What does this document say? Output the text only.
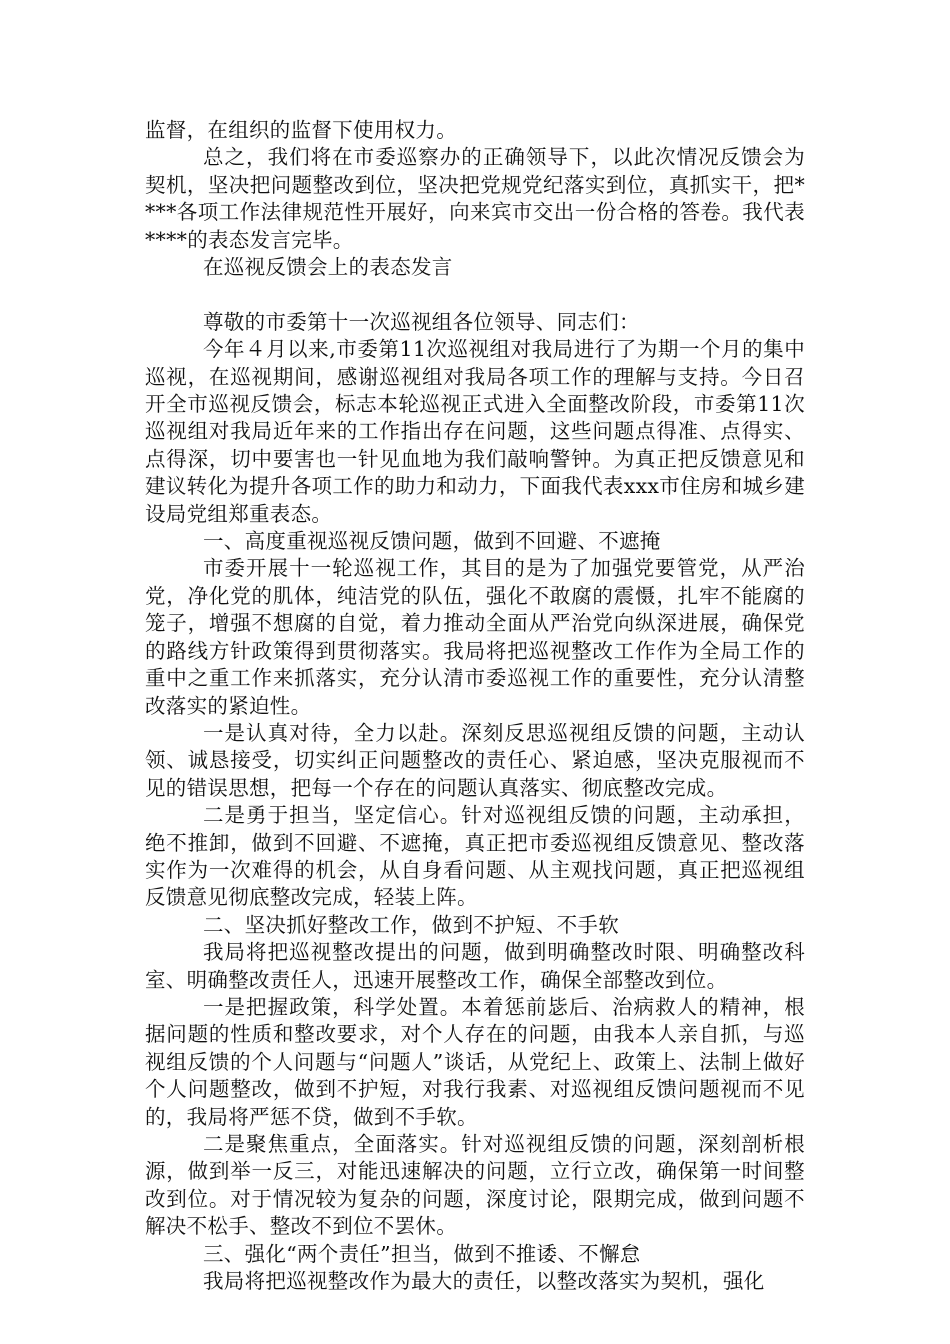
监督，在组织的监督下使用权力。

总之，我们将在市委巡察办的正确领导下，以此次情况反馈会为契机，坚决把问题整改到位，坚决把党规党纪落实到位，真抓实干，把****各项工作法律规范性开展好，向来宾市交出一份合格的答卷。我代表****的表态发言完毕。

在巡视反馈会上的表态发言

尊敬的市委第十一次巡视组各位领导、同志们：

今年４月以来,市委第11次巡视组对我局进行了为期一个月的集中巡视，在巡视期间，感谢巡视组对我局各项工作的理解与支持。今日召开全市巡视反馈会，标志本轮巡视正式进入全面整改阶段，市委第11次巡视组对我局近年来的工作指出存在问题，这些问题点得准、点得实、点得深，切中要害也一针见血地为我们敲响警钟。为真正把反馈意见和建议转化为提升各项工作的助力和动力，下面我代表xxx市住房和城乡建设局党组郑重表态。

一、高度重视巡视反馈问题，做到不回避、不遮掩

市委开展十一轮巡视工作，其目的是为了加强党要管党，从严治党，净化党的肌体，纯洁党的队伍，强化不敢腐的震慑，扎牢不能腐的笼子，增强不想腐的自觉，着力推动全面从严治党向纵深进展，确保党的路线方针政策得到贯彻落实。我局将把巡视整改工作作为全局工作的重中之重工作来抓落实，充分认清市委巡视工作的重要性，充分认清整改落实的紧迫性。

一是认真对待，全力以赴。深刻反思巡视组反馈的问题，主动认领、诚恳接受，切实纠正问题整改的责任心、紧迫感，坚决克服视而不见的错误思想，把每一个存在的问题认真落实、彻底整改完成。

二是勇于担当，坚定信心。针对巡视组反馈的问题，主动承担，绝不推卸，做到不回避、不遮掩，真正把市委巡视组反馈意见、整改落实作为一次难得的机会，从自身看问题、从主观找问题，真正把巡视组反馈意见彻底整改完成，轻装上阵。

二、坚决抓好整改工作，做到不护短、不手软

我局将把巡视整改提出的问题，做到明确整改时限、明确整改科室、明确整改责任人，迅速开展整改工作，确保全部整改到位。

一是把握政策，科学处置。本着惩前毖后、治病救人的精神，根据问题的性质和整改要求，对个人存在的问题，由我本人亲自抓，与巡视组反馈的个人问题与“问题人”谈话，从党纪上、政策上、法制上做好个人问题整改，做到不护短，对我行我素、对巡视组反馈问题视而不见的，我局将严惩不贷，做到不手软。

二是聚焦重点，全面落实。针对巡视组反馈的问题，深刻剖析根源，做到举一反三，对能迅速解决的问题，立行立改，确保第一时间整改到位。对于情况较为复杂的问题，深度讨论，限期完成，做到问题不解决不松手、整改不到位不罢休。

三、强化“两个责任”担当，做到不推诿、不懈怠

我局将把巡视整改作为最大的责任，以整改落实为契机，强化
